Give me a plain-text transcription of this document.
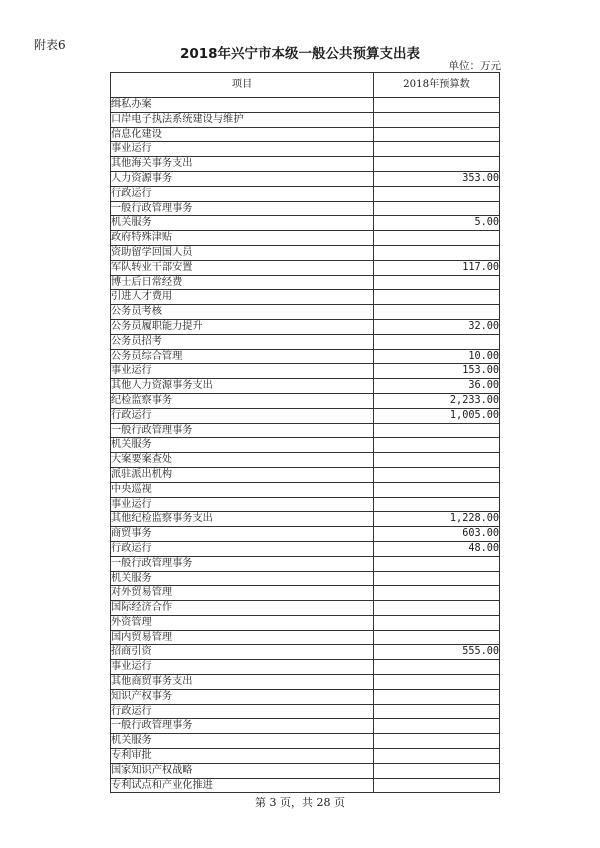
附表6
2018年兴宁市本级一般公共预算支出表
单位：万元
项目	2018年预算数
缉私办案	
口岸电子执法系统建设与维护	
信息化建设	
事业运行	
其他海关事务支出	
人力资源事务	353.00
行政运行	
一般行政管理事务	
机关服务	5.00
政府特殊津贴	
资助留学回国人员	
军队转业干部安置	117.00
博士后日常经费	
引进人才费用	
公务员考核	
公务员履职能力提升	32.00
公务员招考	
公务员综合管理	10.00
事业运行	153.00
其他人力资源事务支出	36.00
纪检监察事务	2,233.00
行政运行	1,005.00
一般行政管理事务	
机关服务	
大案要案查处	
派驻派出机构	
中央巡视	
事业运行	
其他纪检监察事务支出	1,228.00
商贸事务	603.00
行政运行	48.00
一般行政管理事务	
机关服务	
对外贸易管理	
国际经济合作	
外资管理	
国内贸易管理	
招商引资	555.00
事业运行	
其他商贸事务支出	
知识产权事务	
行政运行	
一般行政管理事务	
机关服务	
专利审批	
国家知识产权战略	
专利试点和产业化推进	
第 3 页，共 28 页
